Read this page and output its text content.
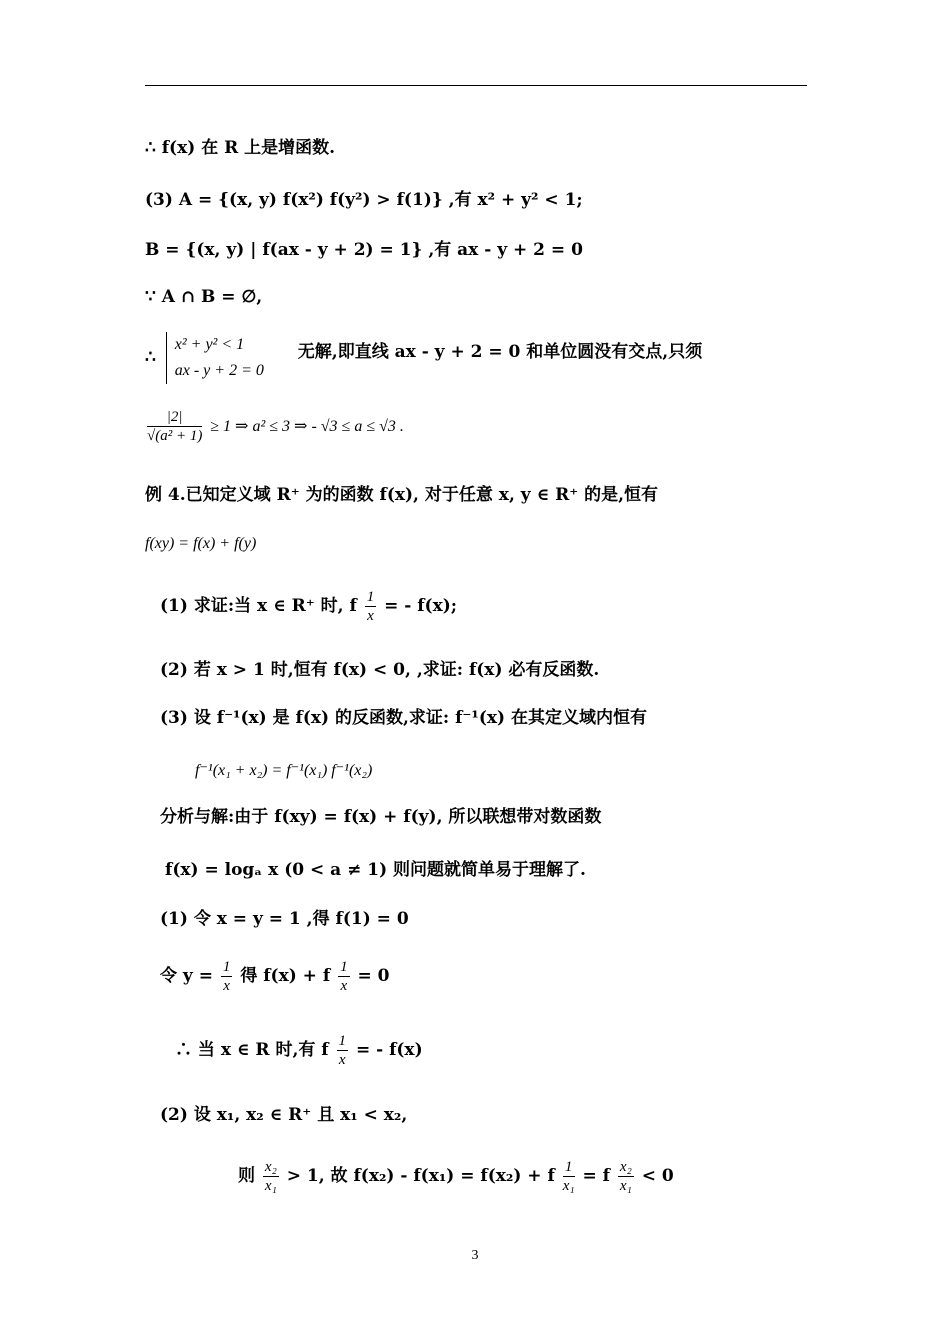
∴ f(x) 在 R 上是增函数.
(3) A = {(x, y) f(x²) f(y²) > f(1)} ,有 x² + y² < 1;
B = {(x, y) | f(ax - y + 2) = 1} ,有 ax - y + 2 = 0
∵ A ∩ B = ∅,
∴
x² + y² < 1
ax - y + 2 = 0
无解,即直线 ax - y + 2 = 0 和单位圆没有交点,只须
$\frac{|2|}{\text{√(a² + 1)}} \ge 1$ ⇒ a² ≤ 3 ⇒ - √3 ≤ a ≤ √3 .
例 4.已知定义域 R⁺ 为的函数 f(x), 对于任意 x, y ∈ R⁺ 的是,恒有
f(xy) = f(x) + f(y)
(1) 求证:当 x ∈ R⁺ 时, f $\frac{1}{x}$ = - f(x);
(2) 若 x > 1 时,恒有 f(x) < 0, ,求证: f(x) 必有反函数.
(3) 设 f⁻¹(x) 是 f(x) 的反函数,求证: f⁻¹(x) 在其定义域内恒有
f⁻¹(x₁ + x₂) = f⁻¹(x₁) f⁻¹(x₂)
分析与解:由于 f(xy) = f(x) + f(y), 所以联想带对数函数
f(x) = logₐ x (0 < a ≠ 1) 则问题就简单易于理解了.
(1) 令 x = y = 1 ,得 f(1) = 0
令 $y = \frac{1}{x}$ 得 f(x) + f $\frac{1}{x} = 0$
∴ 当 x ∈ R 时,有 f $\frac{1}{x}$ = - f(x)
(2) 设 x₁, x₂ ∈ R⁺ 且 x₁ < x₂,
则 $\frac{\text{x₂}}{\text{x₁}} > 1$, 故 f(x₂) - f(x₁) = f(x₂) + f $\frac{1}{\text{x₁}} = f \frac{\text{x₂}}{\text{x₁}} < 0$
3
